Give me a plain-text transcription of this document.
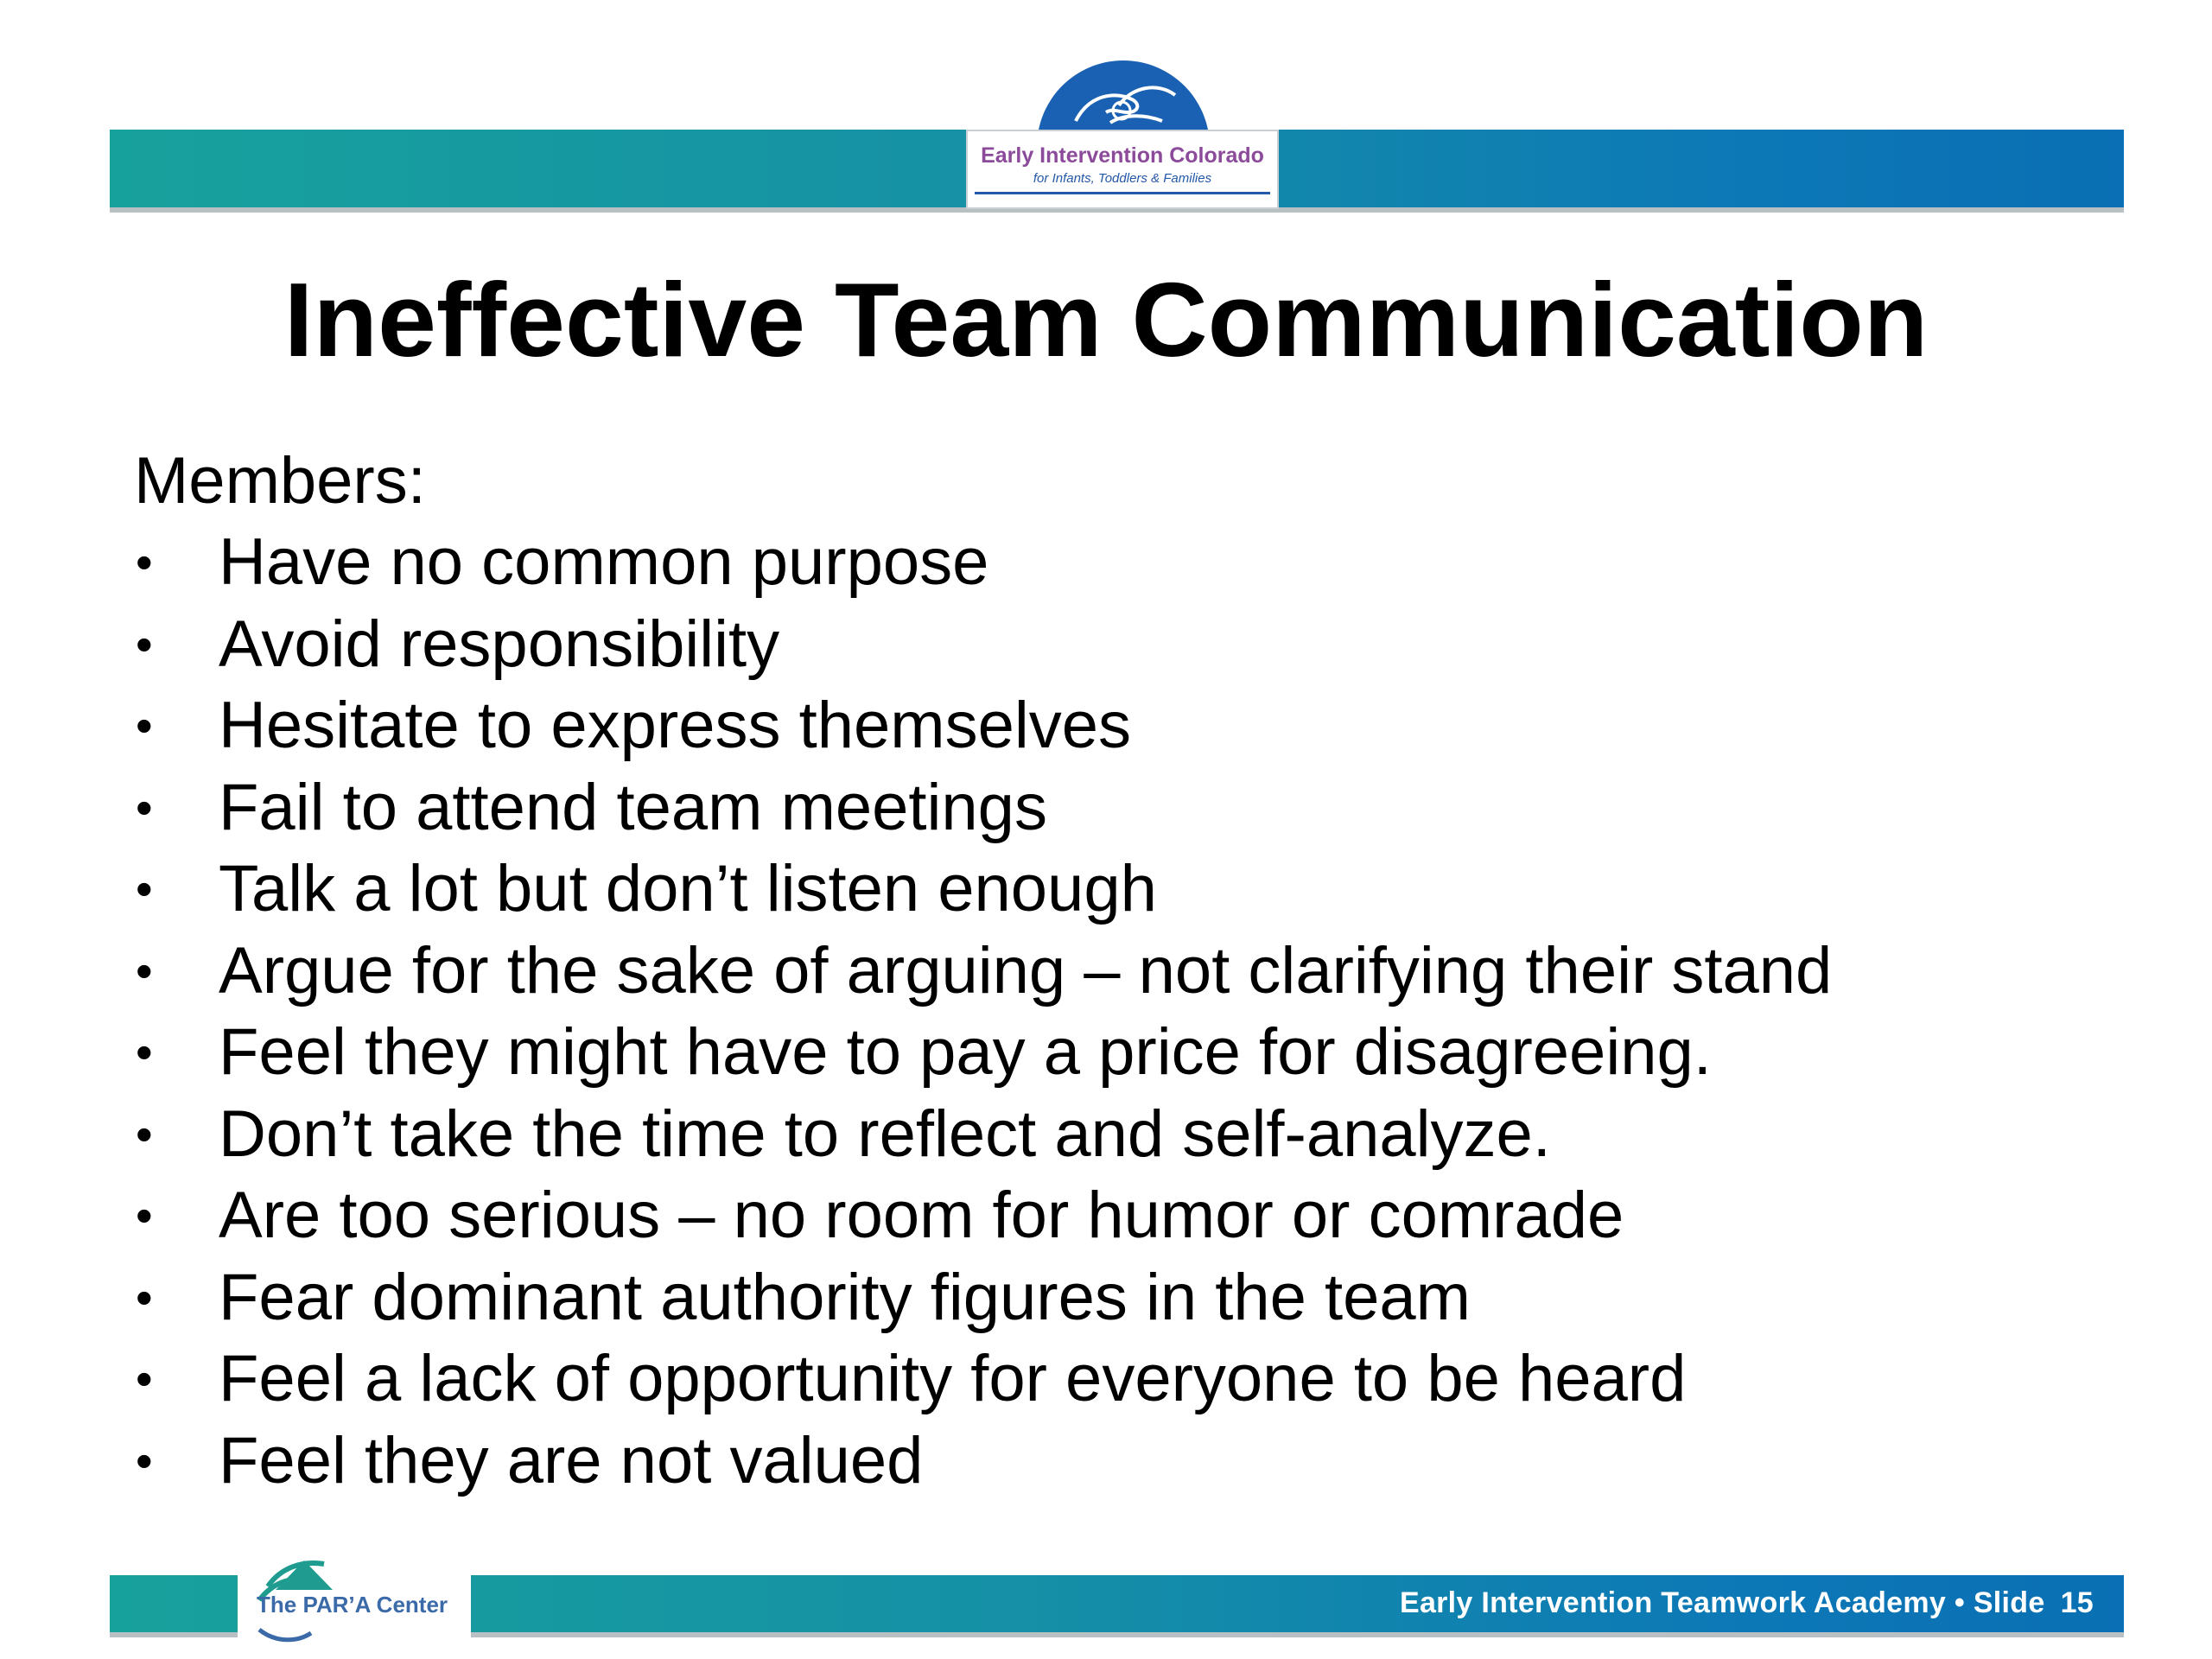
Early Intervention Colorado
for Infants, Toddlers & Families
Ineffective Team Communication
Members:
• Have no common purpose
• Avoid responsibility
• Hesitate to express themselves
• Fail to attend team meetings
• Talk a lot but don’t listen enough
• Argue for the sake of arguing – not clarifying their stand
• Feel they might have to pay a price for disagreeing.
• Don’t take the time to reflect and self-analyze.
• Are too serious – no room for humor or comrade
• Fear dominant authority figures in the team
• Feel a lack of opportunity for everyone to be heard
• Feel they are not valued
The PAR’A Center	Early Intervention Teamwork Academy • Slide 15
